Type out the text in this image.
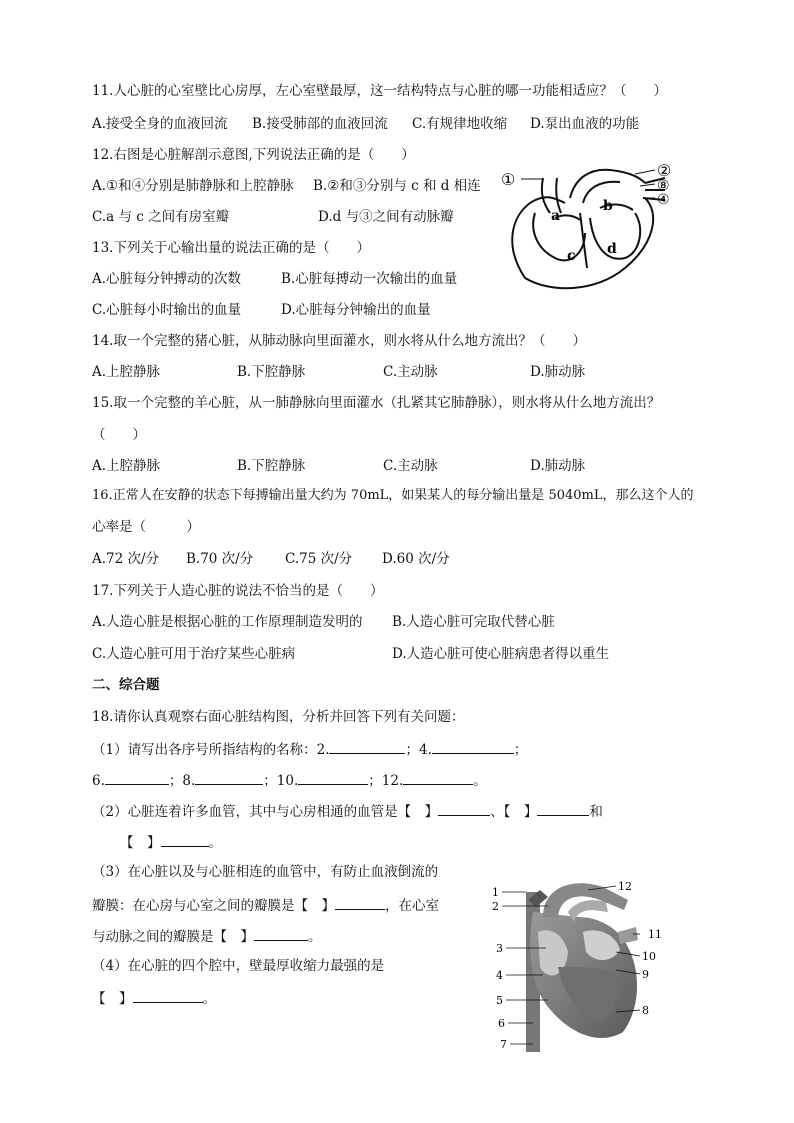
11.人心脏的心室壁比心房厚，左心室壁最厚，这一结构特点与心脏的哪一功能相适应？（　　）
A.接受全身的血液回流 B.接受肺部的血液回流 C.有规律地收缩 D.泵出血液的功能
12.右图是心脏解剖示意图,下列说法正确的是（　　）
A.①和④分别是肺静脉和上腔静脉 B.②和③分别与 c 和 d 相连
C.a 与 c 之间有房室瓣	D.d 与③之间有动脉瓣
①	②
⑧
④
a
b
c d
13.下列关于心输出量的说法正确的是（　　）
A.心脏每分钟搏动的次数	B.心脏每搏动一次输出的血量
C.心脏每小时输出的血量	D.心脏每分钟输出的血量
14.取一个完整的猪心脏，从肺动脉向里面灌水，则水将从什么地方流出？（　　）
A.上腔静脉	B.下腔静脉	C.主动脉	D.肺动脉
15.取一个完整的羊心脏，从一肺静脉向里面灌水（扎紧其它肺静脉），则水将从什么地方流出？
（　　）
A.上腔静脉	B.下腔静脉	C.主动脉	D.肺动脉
16.正常人在安静的状态下每搏输出量大约为 70mL，如果某人的每分输出量是 5040mL，那么这个人的
心率是（　　　）
A.72 次/分 B.70 次/分 C.75 次/分 D.60 次/分
17.下列关于人造心脏的说法不恰当的是（　　）
A.人造心脏是根据心脏的工作原理制造发明的 B.人造心脏可完取代替心脏
C.人造心脏可用于治疗某些心脏病	D.人造心脏可使心脏病患者得以重生
二、综合题
18.请你认真观察右面心脏结构图，分析并回答下列有关问题：
（1）请写出各序号所指结构的名称：2.	；4.	；
6.	；8.	；10.	；12.	。
（2）心脏连着许多血管，其中与心房相通的血管是【　】	、【　】	和
【　】	。
（3）在心脏以及与心脏相连的血管中，有防止血液倒流的
瓣膜：在心房与心室之间的瓣膜是【　】	，在心室
与动脉之间的瓣膜是【　】	。
（4）在心脏的四个腔中，壁最厚收缩力最强的是
【　】	。
1
2
3
4
5
6
7
8
9
10
11
12
